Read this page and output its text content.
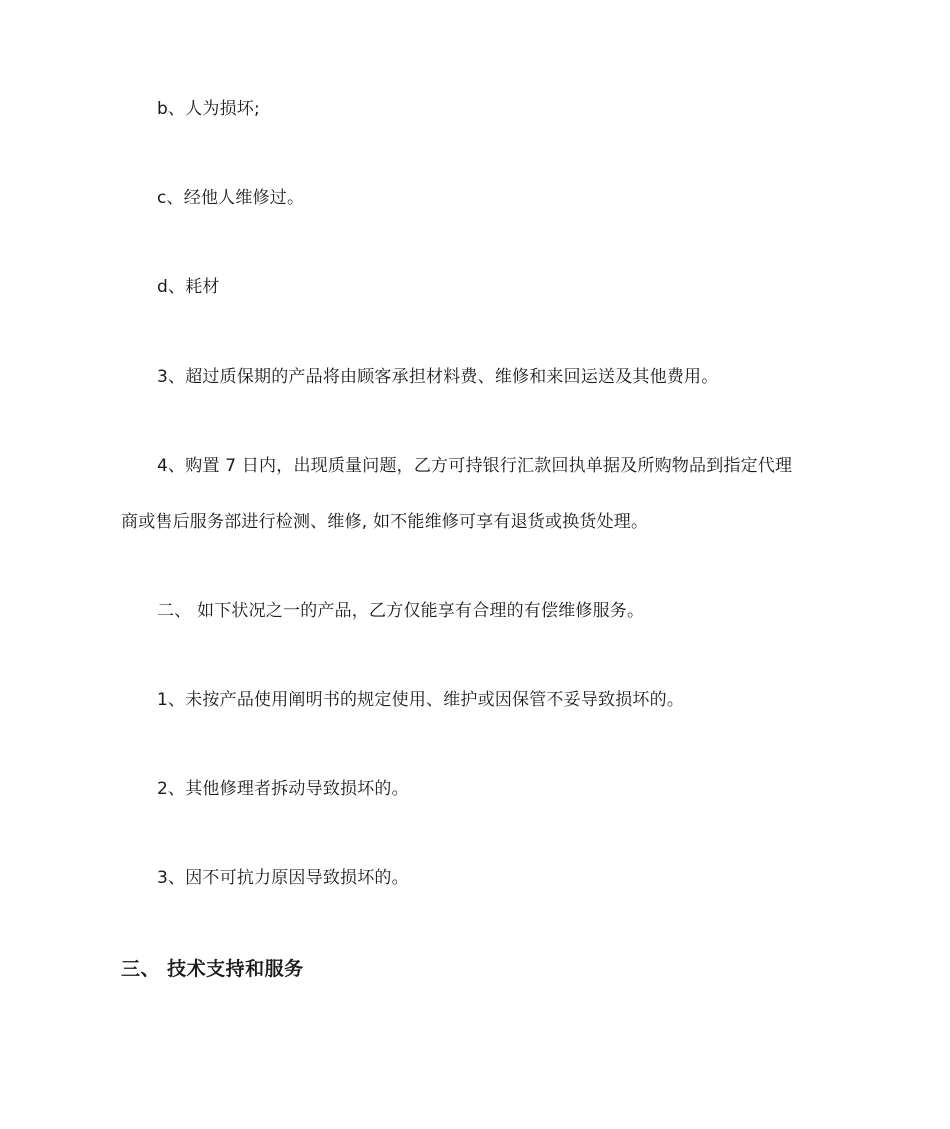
b、人为损坏;
c、经他人维修过。
d、耗材
3、超过质保期的产品将由顾客承担材料费、维修和来回运送及其他费用。
4、购置 7 日内，出现质量问题，乙方可持银行汇款回执单据及所购物品到指定代理
商或售后服务部进行检测、维修, 如不能维修可享有退货或换货处理。
二、 如下状况之一的产品，乙方仅能享有合理的有偿维修服务。
1、未按产品使用阐明书的规定使用、维护或因保管不妥导致损坏的。
2、其他修理者拆动导致损坏的。
3、因不可抗力原因导致损坏的。
三、 技术支持和服务
